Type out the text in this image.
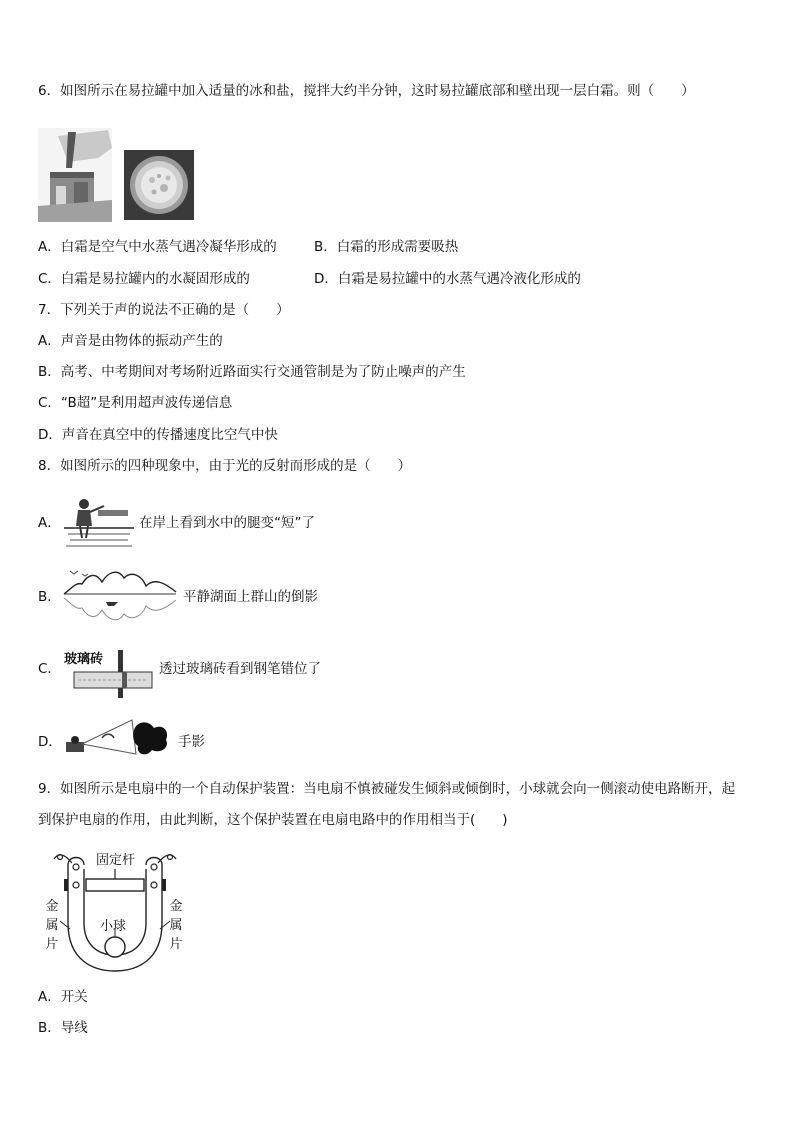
6．如图所示在易拉罐中加入适量的冰和盐，搅拌大约半分钟，这时易拉罐底部和壁出现一层白霜。则（　　）
A．白霜是空气中水蒸气遇冷凝华形成的	B．白霜的形成需要吸热
C．白霜是易拉罐内的水凝固形成的	D．白霜是易拉罐中的水蒸气遇冷液化形成的
7．下列关于声的说法不正确的是（　　）
A．声音是由物体的振动产生的
B．高考、中考期间对考场附近路面实行交通管制是为了防止噪声的产生
C．“B超”是利用超声波传递信息
D．声音在真空中的传播速度比空气中快
8．如图所示的四种现象中，由于光的反射而形成的是（　　）
A．	在岸上看到水中的腿变“短”了
B．	平静湖面上群山的倒影
C．
玻璃砖
透过玻璃砖看到钢笔错位了
D．	手影
9．如图所示是电扇中的一个自动保护装置：当电扇不慎被碰发生倾斜或倾倒时，小球就会向一侧滚动使电路断开，起
到保护电扇的作用，由此判断，这个保护装置在电扇电路中的作用相当于(　　)
固定杆
小球
金
属
片
金
属
片
A．开关
B．导线
